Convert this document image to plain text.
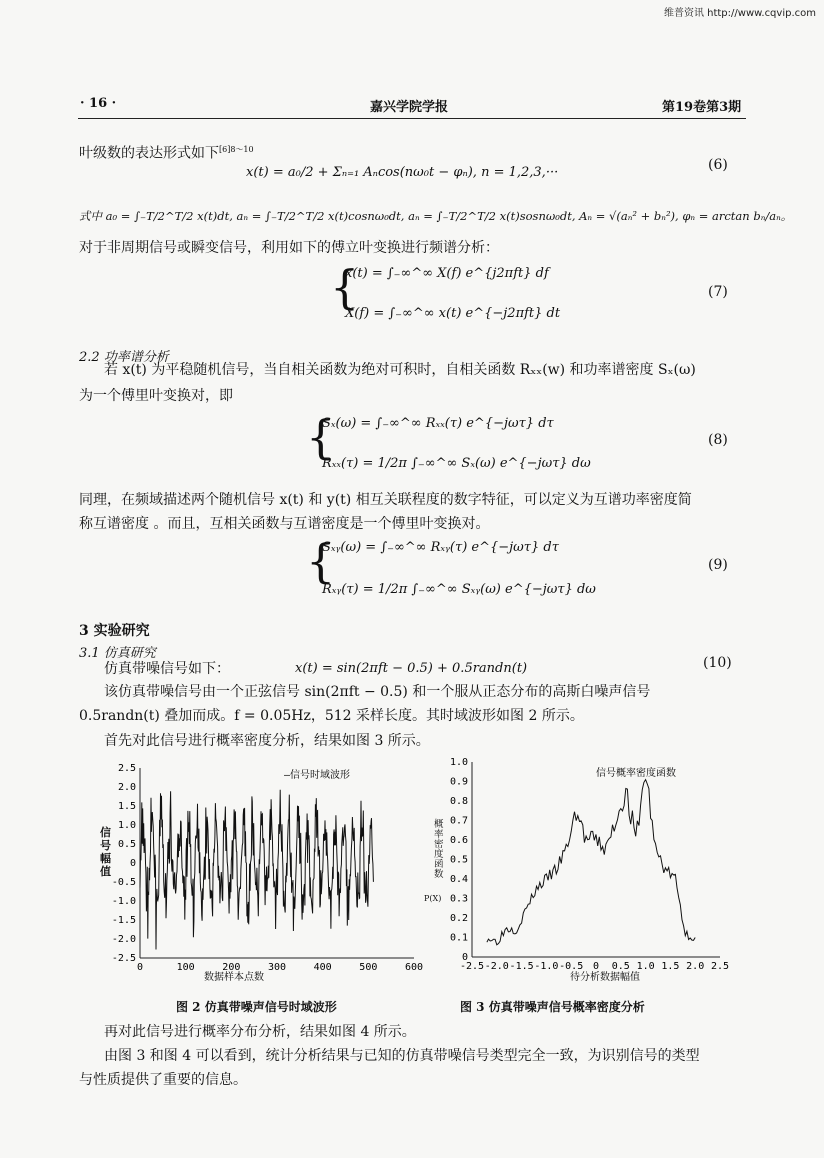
维普资讯 http://www.cqvip.com
· 16 ·	嘉兴学院学报	第19卷第3期
叶级数的表达形式如下$^{[6]8\sim 10}$
x(t) = a₀/2 + Σₙ₌₁ Aₙcos(nω₀t − φₙ), n = 1,2,3,···	(6)
式中 a₀ = ∫₋T/2^T/2 x(t)dt, aₙ = ∫₋T/2^T/2 x(t)cosnω₀dt, aₙ = ∫₋T/2^T/2 x(t)sosnω₀dt, Aₙ = √(aₙ² + bₙ²), φₙ = arctan bₙ/aₙ。
对于非周期信号或瞬变信号，利用如下的傅立叶变换进行频谱分析：
{
x(t) = ∫₋∞^∞ X(f) e^{j2πft} df
X(f) = ∫₋∞^∞ x(t) e^{−j2πft} dt
(7)
2.2 功率谱分析
若 x(t) 为平稳随机信号，当自相关函数为绝对可积时，自相关函数 Rₓₓ(w) 和功率谱密度 Sₓ(ω)
为一个傅里叶变换对，即
{
Sₓ(ω) = ∫₋∞^∞ Rₓₓ(τ) e^{−jωτ} dτ
Rₓₓ(τ) = 1/2π ∫₋∞^∞ Sₓ(ω) e^{−jωτ} dω
(8)
同理，在频域描述两个随机信号 x(t) 和 y(t) 相互关联程度的数字特征，可以定义为互谱功率密度简
称互谱密度 。而且，互相关函数与互谱密度是一个傅里叶变换对。
{
Sₓᵧ(ω) = ∫₋∞^∞ Rₓᵧ(τ) e^{−jωτ} dτ
Rₓᵧ(τ) = 1/2π ∫₋∞^∞ Sₓᵧ(ω) e^{−jωτ} dω
(9)
3 实验研究
3.1 仿真研究
仿真带噪信号如下：	x(t) = sin(2πft − 0.5) + 0.5randn(t)	(10)
该仿真带噪信号由一个正弦信号 sin(2πft − 0.5) 和一个服从正态分布的高斯白噪声信号
0.5randn(t) 叠加而成。f = 0.05Hz，512 采样长度。其时域波形如图 2 所示。
首先对此信号进行概率密度分析，结果如图 3 所示。
2.5
2.0
1.5
1.0
0.5
0
-0.5
-1.0
-1.5
-2.0
-2.5
0	100	200	300	400	500	600
—信号时域波形
数据样本点数
信号幅值
1.0
0.9
0.8
0.7
0.6
0.5
0.4
0.3
0.2
0.1
0
-2.5 -2.0 -1.5 -1.0 -0.5 0 0.5 1.0 1.5 2.0 2.5
信号概率密度函数
待分析数据幅值
概率密度函数
P(X)
图 2 仿真带噪声信号时域波形	图 3 仿真带噪声信号概率密度分析
再对此信号进行概率分布分析，结果如图 4 所示。
由图 3 和图 4 可以看到，统计分析结果与已知的仿真带噪信号类型完全一致，为识别信号的类型
与性质提供了重要的信息。
